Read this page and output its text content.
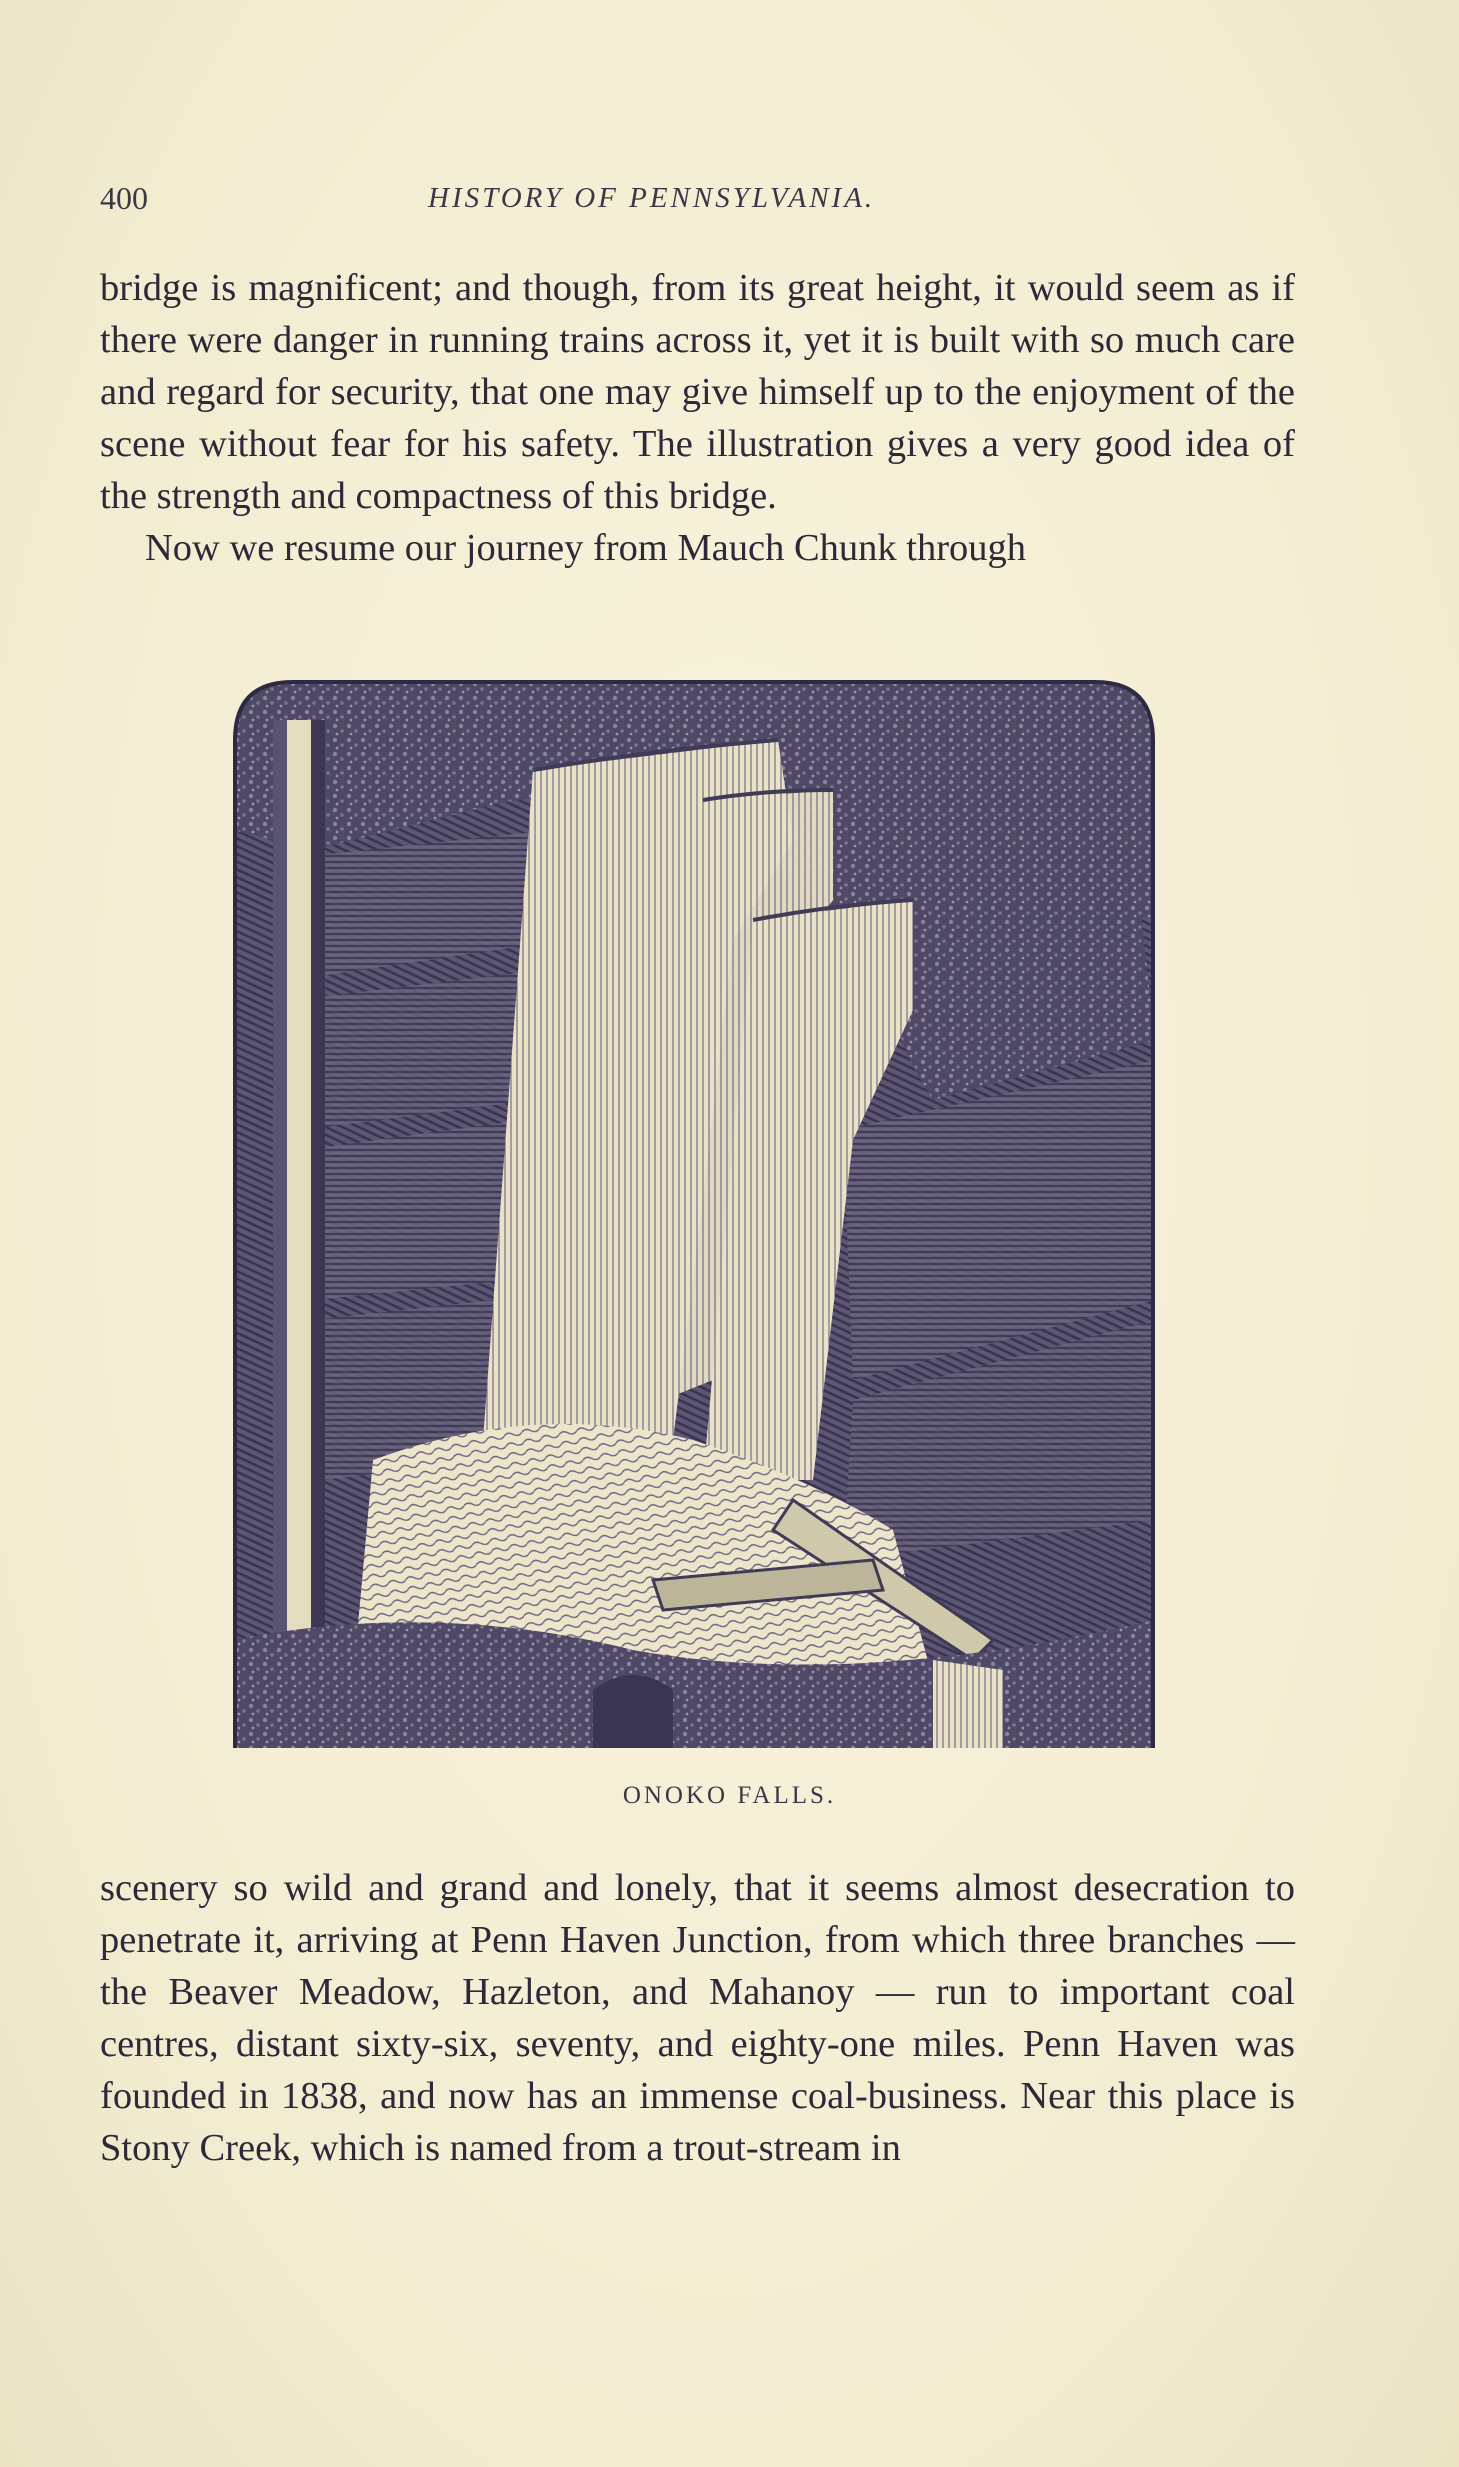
400	HISTORY OF PENNSYLVANIA.

bridge is magnificent; and though, from its great height, it would seem as if there were danger in running trains across it, yet it is built with so much care and regard for security, that one may give himself up to the enjoyment of the scene without fear for his safety. The illustration gives a very good idea of the strength and compactness of this bridge.

Now we resume our journey from Mauch Chunk through

ONOKO FALLS.

scenery so wild and grand and lonely, that it seems almost desecration to penetrate it, arriving at Penn Haven Junction, from which three branches — the Beaver Meadow, Hazleton, and Mahanoy — run to important coal centres, distant sixty-six, seventy, and eighty-one miles. Penn Haven was founded in 1838, and now has an immense coal-business. Near this place is Stony Creek, which is named from a trout-stream in
